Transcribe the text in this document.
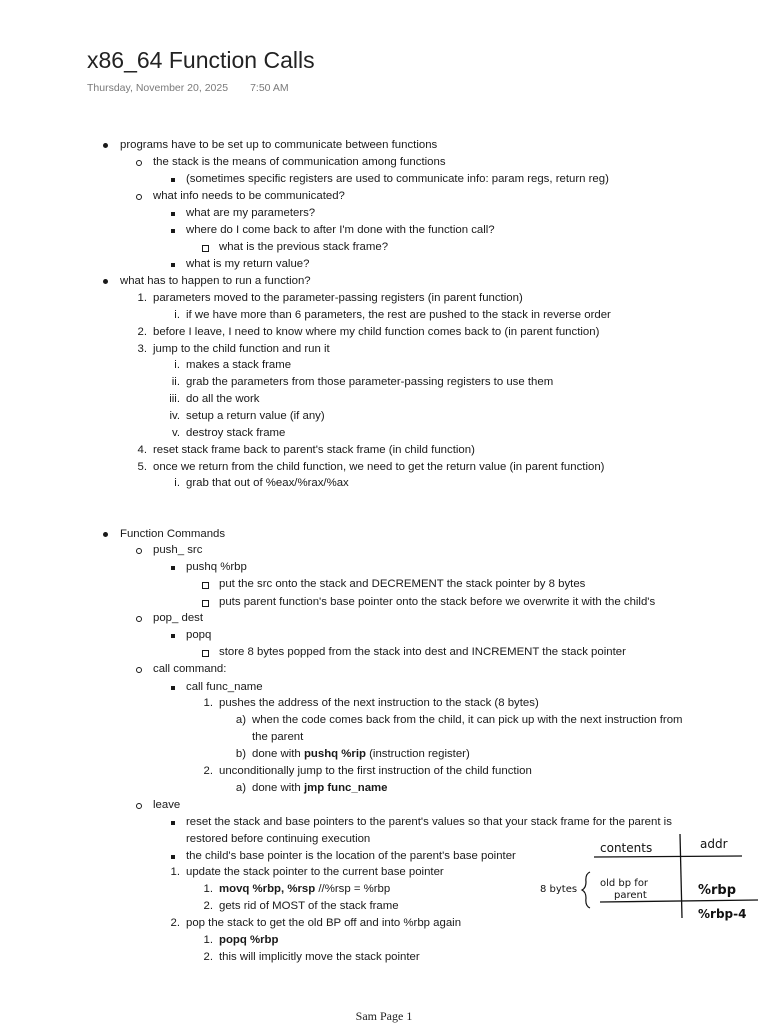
x86_64 Function Calls
Thursday, November 20, 2025 7:50 AM
programs have to be set up to communicate between functions
the stack is the means of communication among functions
(sometimes specific registers are used to communicate info: param regs, return reg)
what info needs to be communicated?
what are my parameters?
where do I come back to after I'm done with the function call?
what is the previous stack frame?
what is my return value?
what has to happen to run a function?
1. parameters moved to the parameter-passing registers (in parent function)
i. if we have more than 6 parameters, the rest are pushed to the stack in reverse order
2. before I leave, I need to know where my child function comes back to (in parent function)
3. jump to the child function and run it
i. makes a stack frame
ii. grab the parameters from those parameter-passing registers to use them
iii. do all the work
iv. setup a return value (if any)
v. destroy stack frame
4. reset stack frame back to parent's stack frame (in child function)
5. once we return from the child function, we need to get the return value (in parent function)
i. grab that out of %eax/%rax/%ax
Function Commands
push_ src
pushq %rbp
put the src onto the stack and DECREMENT the stack pointer by 8 bytes
puts parent function's base pointer onto the stack before we overwrite it with the child's
pop_ dest
popq
store 8 bytes popped from the stack into dest and INCREMENT the stack pointer
call command:
call func_name
1. pushes the address of the next instruction to the stack (8 bytes)
a) when the code comes back from the child, it can pick up with the next instruction from
the parent
b) done with pushq %rip (instruction register)
2. unconditionally jump to the first instruction of the child function
a) done with jmp func_name
leave
reset the stack and base pointers to the parent's values so that your stack frame for the parent is
restored before continuing execution
the child's base pointer is the location of the parent's base pointer
1. update the stack pointer to the current base pointer
1. movq %rbp, %rsp //%rsp = %rbp
2. gets rid of MOST of the stack frame
2. pop the stack to get the old BP off and into %rbp again
1. popq %rbp
2. this will implicitly move the stack pointer
contents	addr
8 bytes
old bp for
parent	%rbp
%rbp-4
Sam Page 1
